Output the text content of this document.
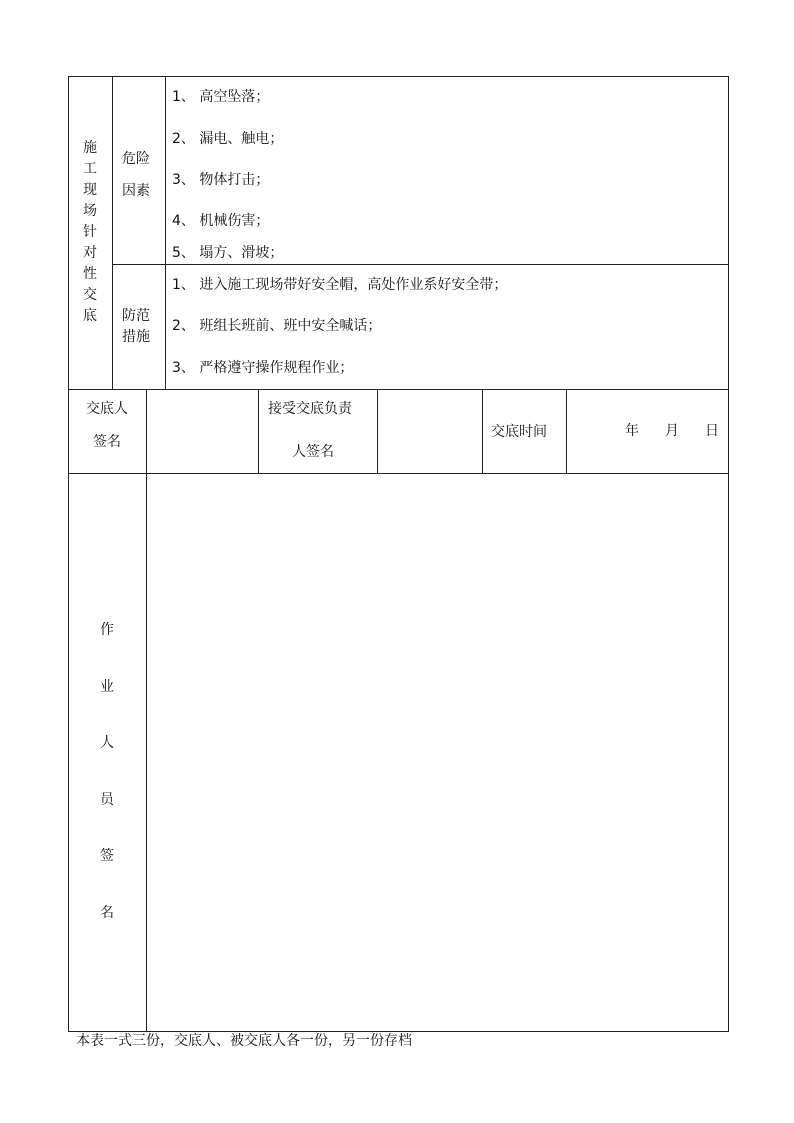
施
工
现
场
针
对
性
交
底
危险
因素
1、 高空坠落；
2、 漏电、触电；
3、 物体打击；
4、 机械伤害；
5、 塌方、滑坡；
防范
措施
1、 进入施工现场带好安全帽，高处作业系好安全带；
2、 班组长班前、班中安全喊话；
3、 严格遵守操作规程作业；
交底人
签名
接受交底负责
人签名
交底时间	年 月 日
作
业
人
员
签
名
本表一式三份，交底人、被交底人各一份，另一份存档
